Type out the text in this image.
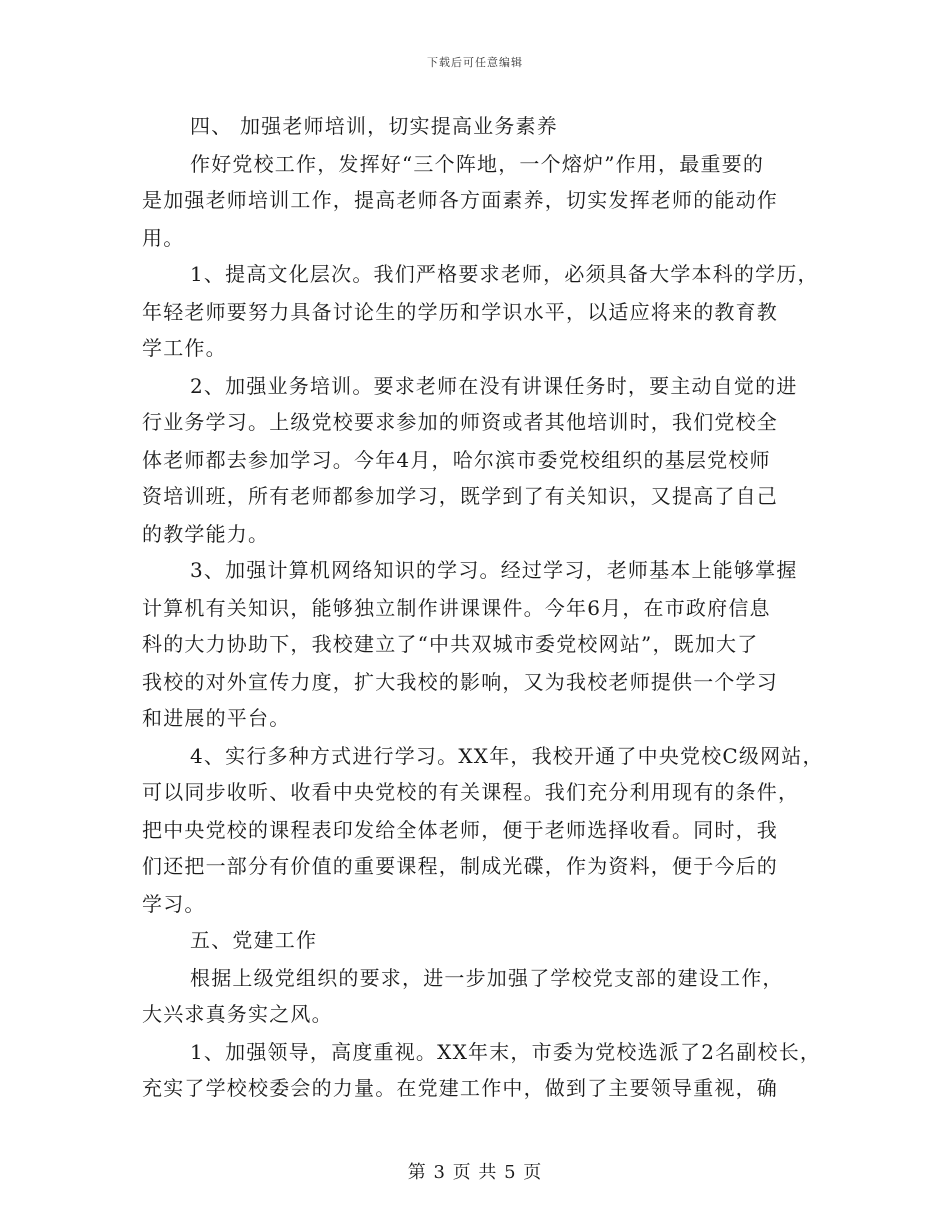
下载后可任意编辑
四、 加强老师培训，切实提高业务素养
作好党校工作，发挥好“三个阵地，一个熔炉”作用，最重要的
是加强老师培训工作，提高老师各方面素养，切实发挥老师的能动作
用。
1、提高文化层次。我们严格要求老师，必须具备大学本科的学历，
年轻老师要努力具备讨论生的学历和学识水平，以适应将来的教育教
学工作。
2、加强业务培训。要求老师在没有讲课任务时，要主动自觉的进
行业务学习。上级党校要求参加的师资或者其他培训时，我们党校全
体老师都去参加学习。今年4月，哈尔滨市委党校组织的基层党校师
资培训班，所有老师都参加学习，既学到了有关知识，又提高了自己
的教学能力。
3、加强计算机网络知识的学习。经过学习，老师基本上能够掌握
计算机有关知识，能够独立制作讲课课件。今年6月，在市政府信息
科的大力协助下，我校建立了“中共双城市委党校网站”，既加大了
我校的对外宣传力度，扩大我校的影响，又为我校老师提供一个学习
和进展的平台。
4、实行多种方式进行学习。XX年，我校开通了中央党校C级网站，
可以同步收听、收看中央党校的有关课程。我们充分利用现有的条件，
把中央党校的课程表印发给全体老师，便于老师选择收看。同时，我
们还把一部分有价值的重要课程，制成光碟，作为资料，便于今后的
学习。
五、党建工作
根据上级党组织的要求，进一步加强了学校党支部的建设工作，
大兴求真务实之风。
1、加强领导，高度重视。XX年末，市委为党校选派了2名副校长，
充实了学校校委会的力量。在党建工作中，做到了主要领导重视，确
第 3 页 共 5 页
